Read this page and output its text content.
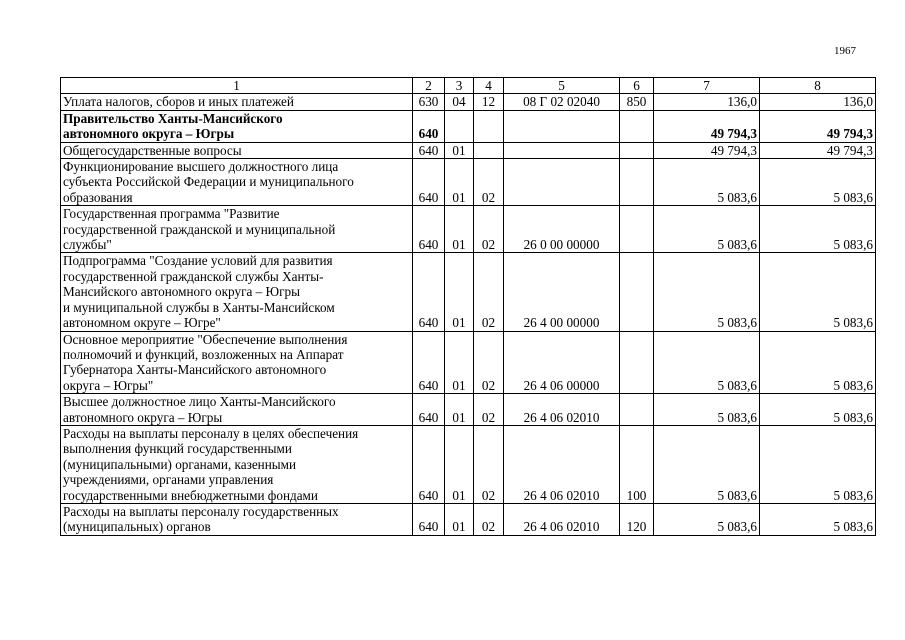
1967
1	2	3	4	5	6	7	8
Уплата налогов, сборов и иных платежей	630	04	12	08 Г 02 02040	850	136,0	136,0
Правительство Ханты-Мансийского
автономного округа – Югры	640					49 794,3	49 794,3
Общегосударственные вопросы	640	01				49 794,3	49 794,3
Функционирование высшего должностного лица
субъекта Российской Федерации и муниципального
образования	640	01	02			5 083,6	5 083,6
Государственная программа "Развитие
государственной гражданской и муниципальной
службы"	640	01	02	26 0 00 00000		5 083,6	5 083,6
Подпрограмма "Создание условий для развития
государственной гражданской службы Ханты-
Мансийского автономного округа – Югры
и муниципальной службы в Ханты-Мансийском
автономном округе – Югре"	640	01	02	26 4 00 00000		5 083,6	5 083,6
Основное мероприятие "Обеспечение выполнения
полномочий и функций, возложенных на Аппарат
Губернатора Ханты-Мансийского автономного
округа – Югры"	640	01	02	26 4 06 00000		5 083,6	5 083,6
Высшее должностное лицо Ханты-Мансийского
автономного округа – Югры	640	01	02	26 4 06 02010		5 083,6	5 083,6
Расходы на выплаты персоналу в целях обеспечения
выполнения функций государственными
(муниципальными) органами, казенными
учреждениями, органами управления
государственными внебюджетными фондами	640	01	02	26 4 06 02010	100	5 083,6	5 083,6
Расходы на выплаты персоналу государственных
(муниципальных) органов	640	01	02	26 4 06 02010	120	5 083,6	5 083,6
